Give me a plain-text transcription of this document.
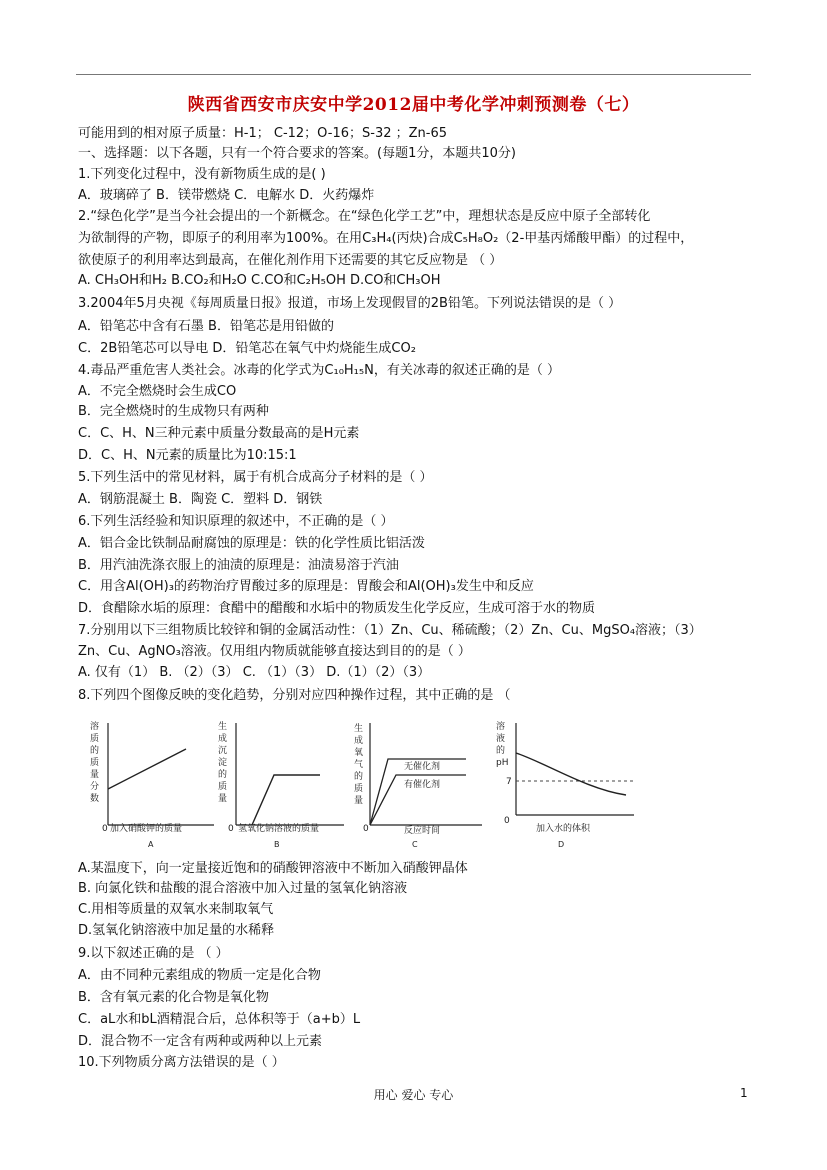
陕西省西安市庆安中学2012届中考化学冲刺预测卷（七）
可能用到的相对原子质量：H-1； C-12；O-16；S-32 ；Zn-65
一、选择题：以下各题，只有一个符合要求的答案。(每题1分，本题共10分)
1.下列变化过程中，没有新物质生成的是( )
A．玻璃碎了 B．镁带燃烧 C．电解水 D．火药爆炸
2.“绿色化学”是当今社会提出的一个新概念。在“绿色化学工艺”中，理想状态是反应中原子全部转化
为欲制得的产物，即原子的利用率为100%。在用C₃H₄(丙炔)合成C₅H₈O₂（2-甲基丙烯酸甲酯）的过程中，
欲使原子的利用率达到最高，在催化剂作用下还需要的其它反应物是 （ ）
A. CH₃OH和H₂ B.CO₂和H₂O C.CO和C₂H₅OH D.CO和CH₃OH
3.2004年5月央视《每周质量日报》报道，市场上发现假冒的2B铅笔。下列说法错误的是（ ）
A．铅笔芯中含有石墨 B．铅笔芯是用铅做的
C．2B铅笔芯可以导电 D．铅笔芯在氧气中灼烧能生成CO₂
4.毒品严重危害人类社会。冰毒的化学式为C₁₀H₁₅N，有关冰毒的叙述正确的是（ ）
A．不完全燃烧时会生成CO
B．完全燃烧时的生成物只有两种
C．C、H、N三种元素中质量分数最高的是H元素
D．C、H、N元素的质量比为10:15:1
5.下列生活中的常见材料，属于有机合成高分子材料的是（ ）
A．钢筋混凝土 B．陶瓷 C．塑料 D．钢铁
6.下列生活经验和知识原理的叙述中，不正确的是（ ）
A．铝合金比铁制品耐腐蚀的原理是：铁的化学性质比铝活泼
B．用汽油洗涤衣服上的油渍的原理是：油渍易溶于汽油
C．用含Al(OH)₃的药物治疗胃酸过多的原理是：胃酸会和Al(OH)₃发生中和反应
D．食醋除水垢的原理：食醋中的醋酸和水垢中的物质发生化学反应，生成可溶于水的物质
7.分别用以下三组物质比较锌和铜的金属活动性：（1）Zn、Cu、稀硫酸；（2）Zn、Cu、MgSO₄溶液；（3）
Zn、Cu、AgNO₃溶液。仅用组内物质就能够直接达到目的的是（ ）
A. 仅有（1） B. （2）（3） C. （1）（3） D.（1）（2）（3）
8.下列四个图像反映的变化趋势，分别对应四种操作过程，其中正确的是 （
A.某温度下，向一定量接近饱和的硝酸钾溶液中不断加入硝酸钾晶体
B. 向氯化铁和盐酸的混合溶液中加入过量的氢氧化钠溶液
C.用相等质量的双氧水来制取氧气
D.氢氧化钠溶液中加足量的水稀释
9.以下叙述正确的是 （ ）
A．由不同种元素组成的物质一定是化合物
B．含有氧元素的化合物是氧化物
C．aL水和bL酒精混合后，总体积等于（a+b）L
D．混合物不一定含有两种或两种以上元素
10.下列物质分离方法错误的是（ ）
溶质的质量分数
0 加入硝酸钾的质量
A
生成沉淀的质量
0 氢氧化钠溶液的质量
B
生成氧气的质量
无催化剂
有催化剂
0	反应时间
C
溶液的 pH
7
0
加入水的体积
D
用心 爱心 专心	1
